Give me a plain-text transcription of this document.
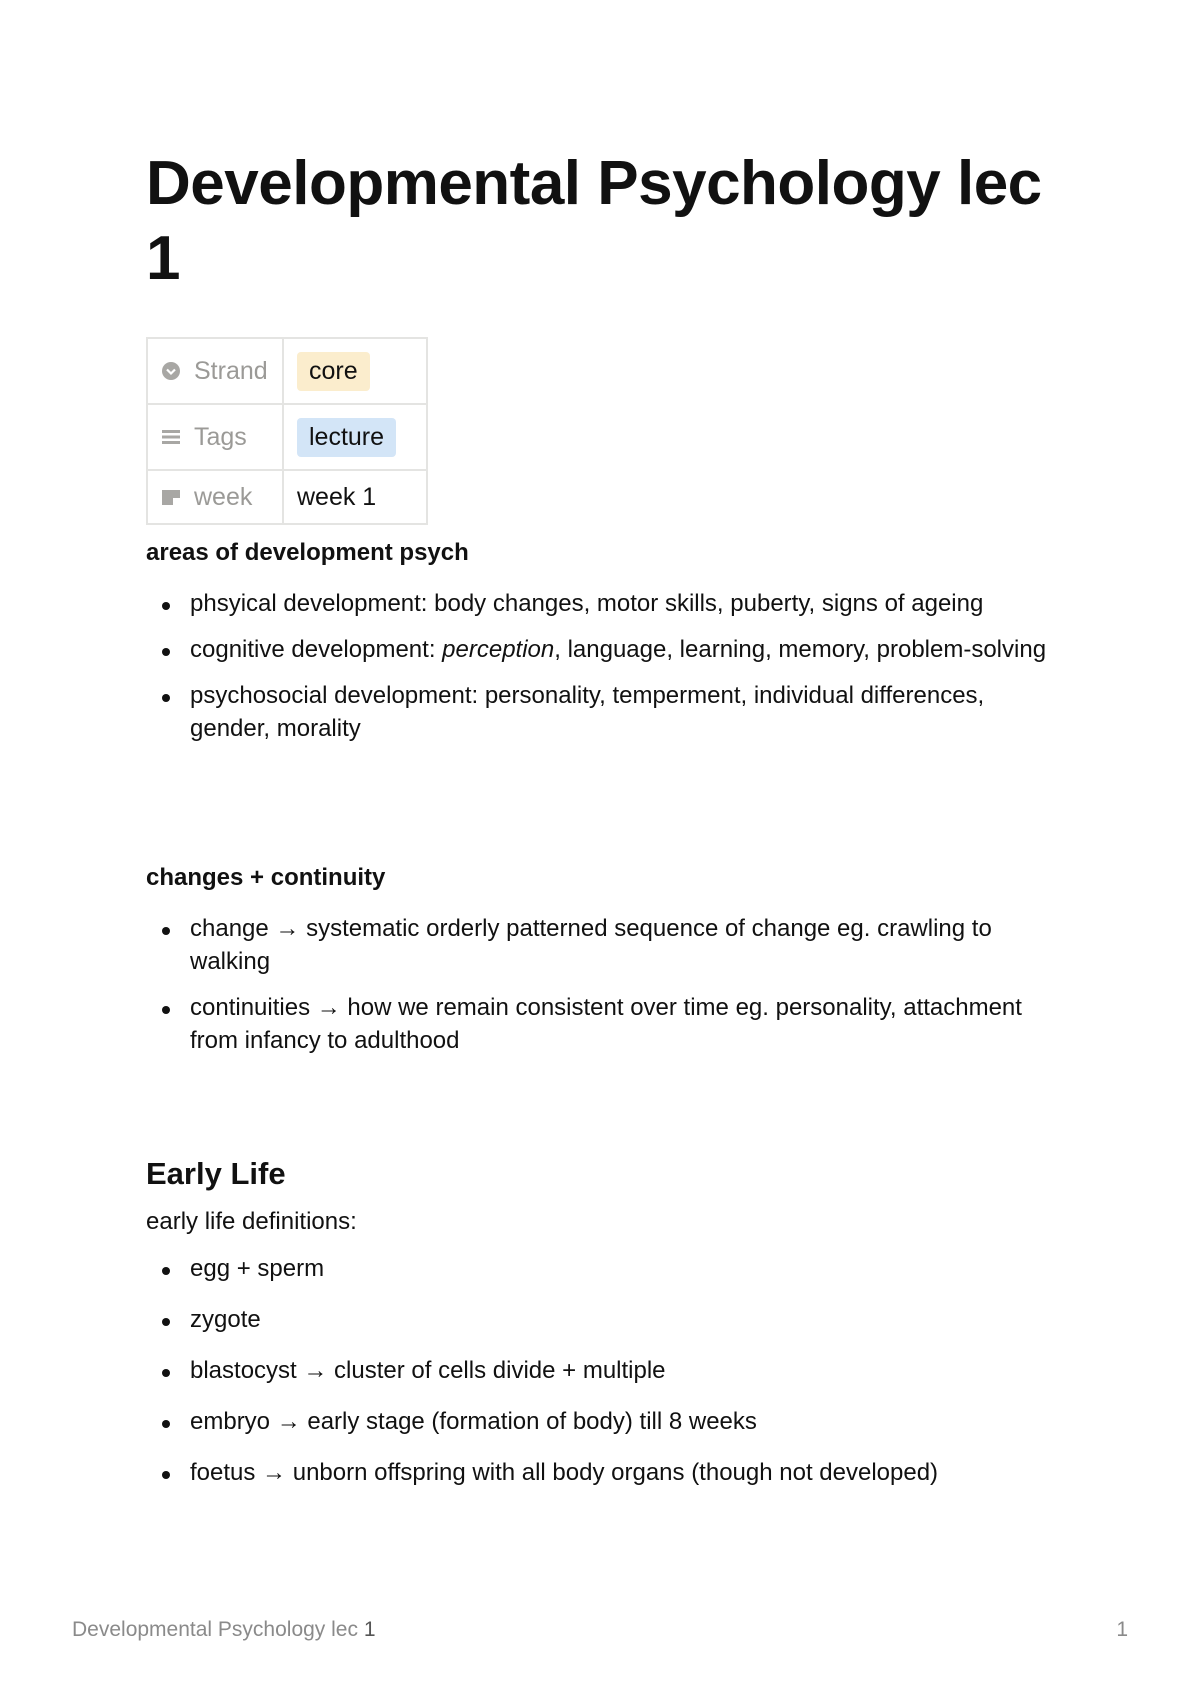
Developmental Psychology lec 1
Strand	core

Tags	lecture

week	week 1

areas of development psych

phsyical development: body changes, motor skills, puberty, signs of ageing
cognitive development: perception, language, learning, memory, problem-solving
psychosocial development: personality, temperment, individual differences, gender, morality

changes + continuity

change → systematic orderly patterned sequence of change eg. crawling to walking
continuities → how we remain consistent over time eg. personality, attachment from infancy to adulthood
Early Life

early life definitions:

egg + sperm
zygote
blastocyst → cluster of cells divide + multiple
embryo → early stage (formation of body) till 8 weeks
foetus → unborn offspring with all body organs (though not developed)
Developmental Psychology lec 1	1
